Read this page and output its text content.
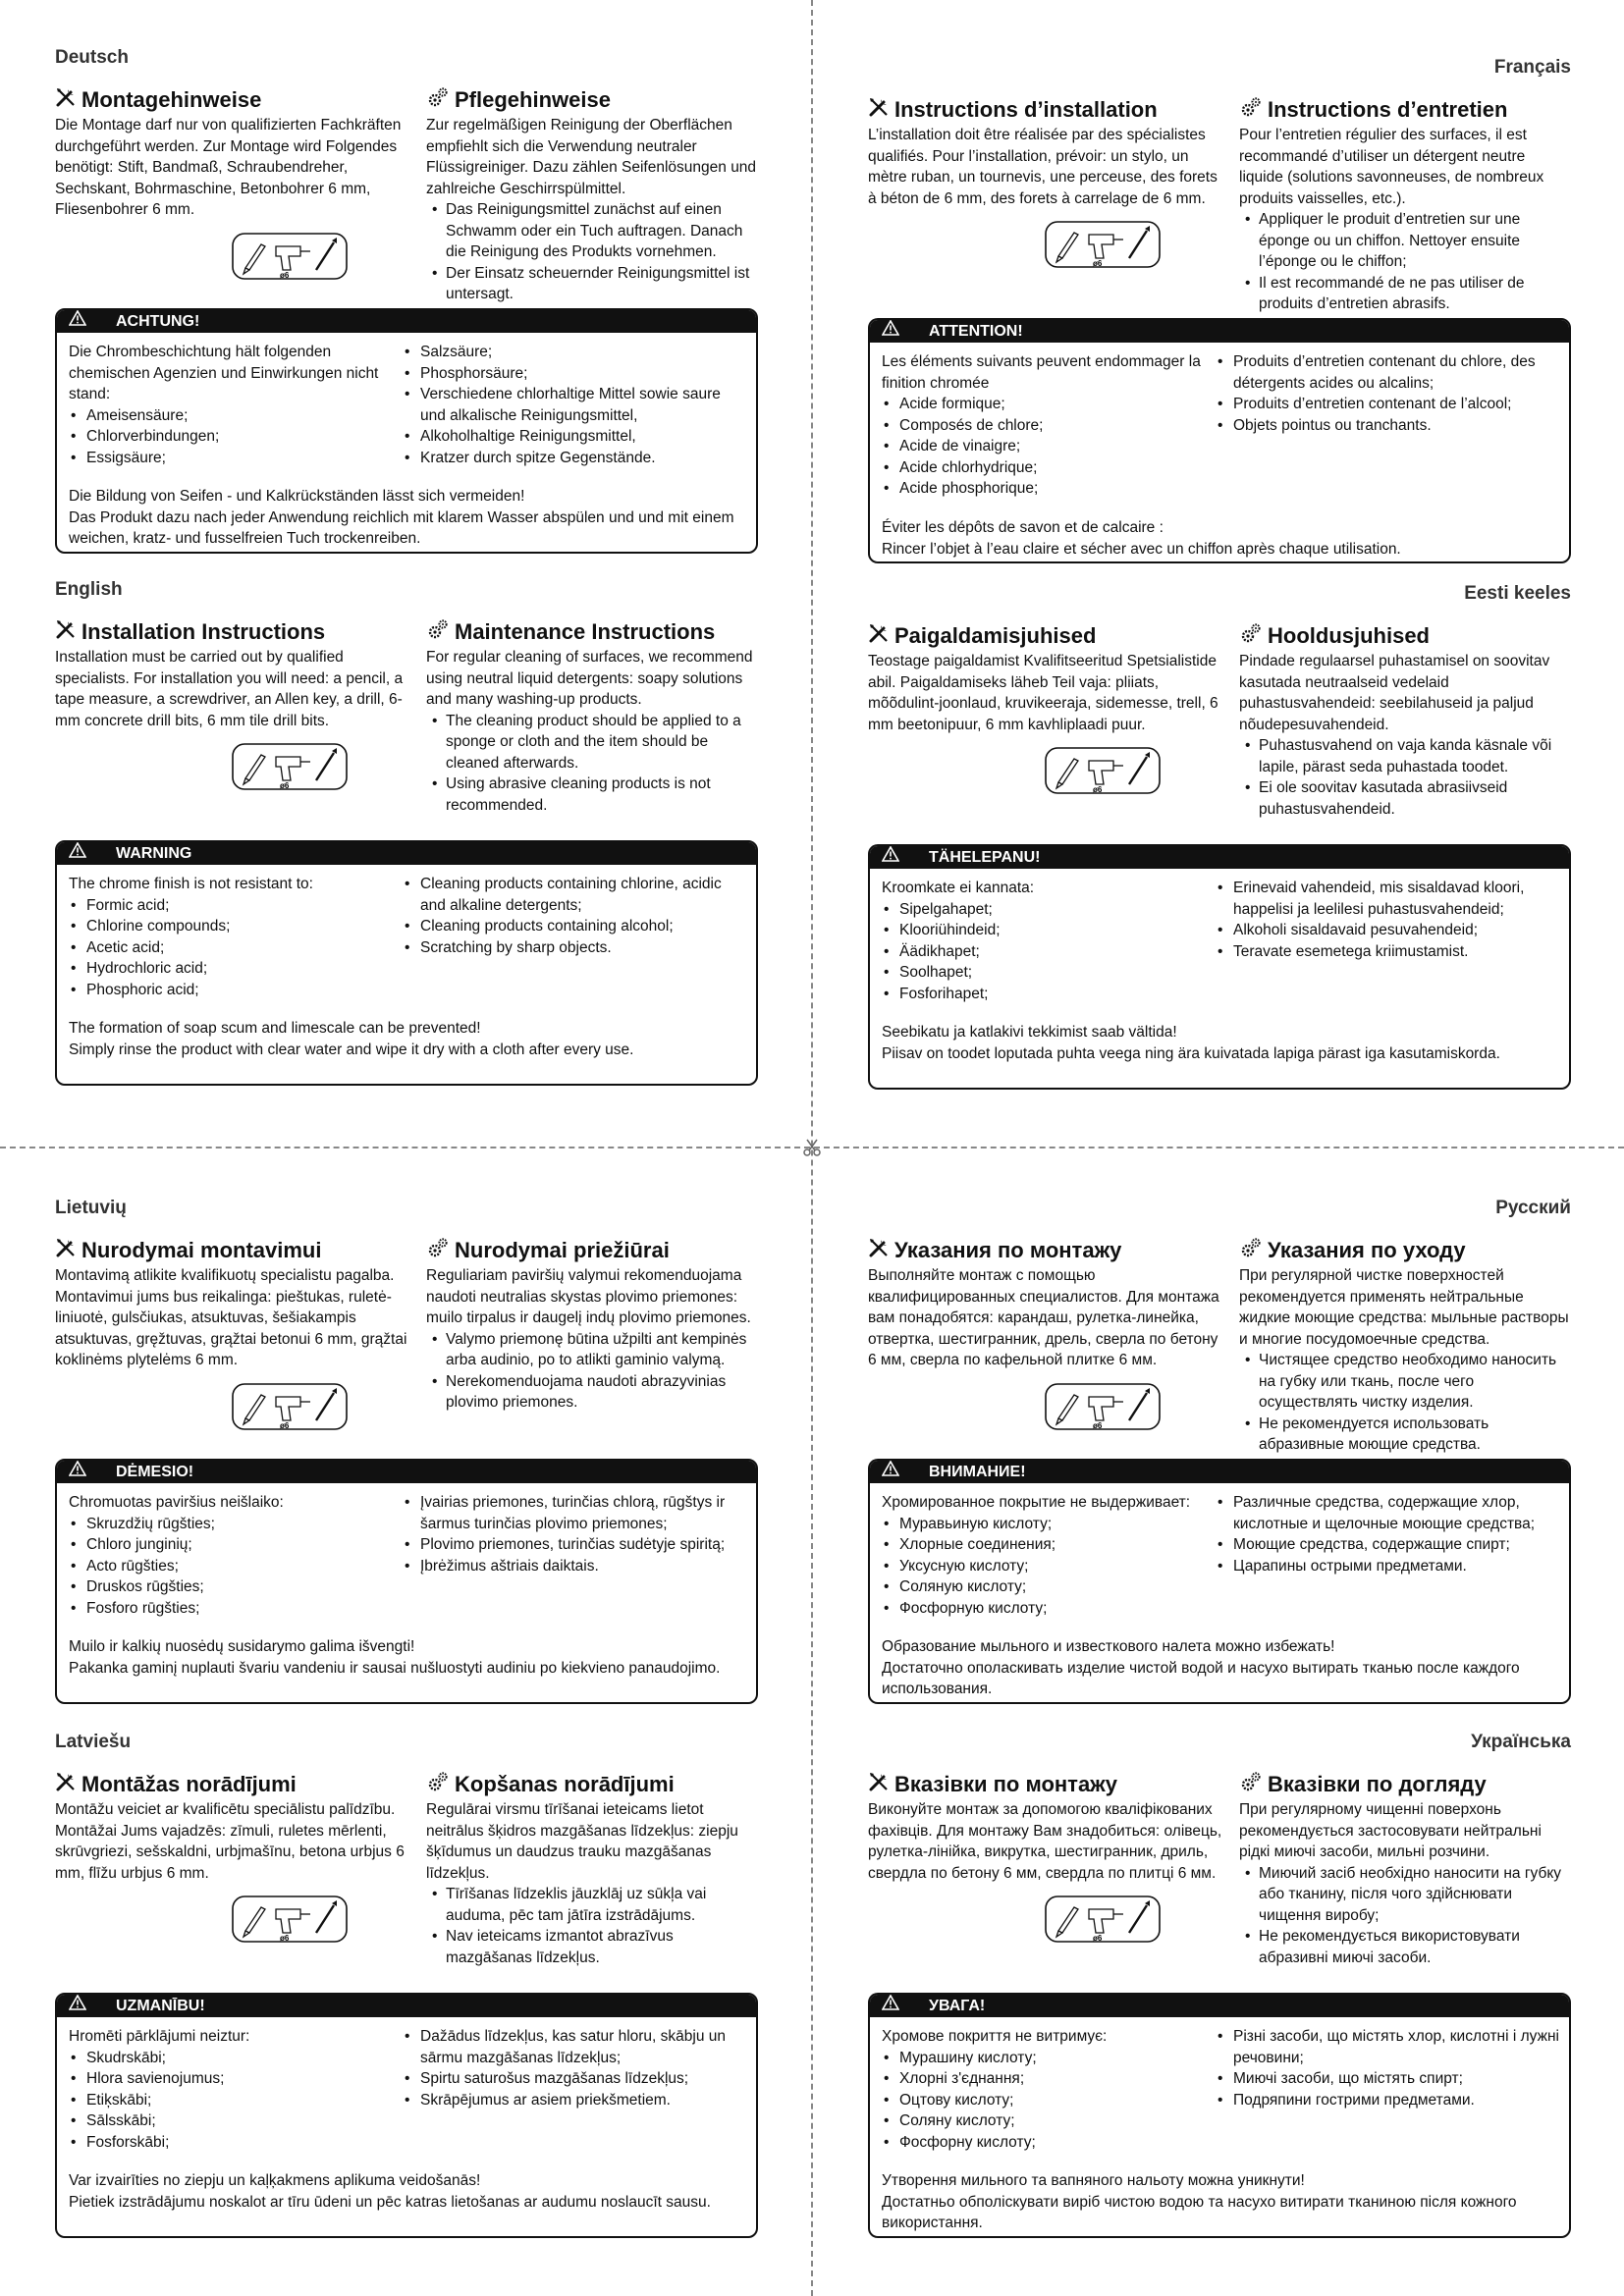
Deutsch
Montagehinweise

Die Montage darf nur von qualifizierten Fachkräften durchgeführt werden. Zur Montage wird Folgendes benötigt: Stift, Bandmaß, Schraubendreher, Sechskant, Bohrmaschine, Betonbohrer 6 mm, Fliesenbohrer 6 mm.

ø6
Pflegehinweise

Zur regelmäßigen Reinigung der Oberflächen empfiehlt sich die Verwendung neutraler Flüssigreiniger. Dazu zählen Seifenlösungen und zahlreiche Geschirrspülmittel.

• Das Reinigungsmittel zunächst auf einen Schwamm oder ein Tuch auftragen. Danach die Reinigung des Produkts vornehmen.
• Der Einsatz scheuernder Reinigungsmittel ist untersagt.
ACHTUNG!

Die Chrombeschichtung hält folgenden chemischen Agenzien und Einwirkungen nicht stand:

• Ameisensäure;
• Chlorverbindungen;
• Essigsäure;
• Salzsäure;
• Phosphorsäure;
• Verschiedene chlorhaltige Mittel sowie saure und alkalische Reinigungsmittel,
• Alkoholhaltige Reinigungsmittel,
• Kratzer durch spitze Gegenstände.

Die Bildung von Seifen - und Kalkrückständen lässt sich vermeiden!

Das Produkt dazu nach jeder Anwendung reichlich mit klarem Wasser abspülen und und mit einem weichen, kratz- und fusselfreien Tuch trockenreiben.

Français
Instructions d’installation

L’installation doit être réalisée par des spécialistes qualifiés. Pour l’installation, prévoir: un stylo, un mètre ruban, un tournevis, une perceuse, des forets à béton de 6 mm, des forets à carrelage de 6 mm.

ø6
Instructions d’entretien

Pour l’entretien régulier des surfaces, il est recommandé d’utiliser un détergent neutre liquide (solutions savonneuses, de nombreux produits vaisselles, etc.).

• Appliquer le produit d’entretien sur une éponge ou un chiffon. Nettoyer ensuite l’éponge ou le chiffon;
• Il est recommandé de ne pas utiliser de produits d’entretien abrasifs.
ATTENTION!

Les éléments suivants peuvent endommager la finition chromée

• Acide formique;
• Composés de chlore;
• Acide de vinaigre;
• Acide chlorhydrique;
• Acide phosphorique;
• Produits d’entretien contenant du chlore, des détergents acides ou alcalins;
• Produits d’entretien contenant de l’alcool;
• Objets pointus ou tranchants.

Éviter les dépôts de savon et de calcaire :

Rincer l’objet à l’eau claire et sécher avec un chiffon après chaque utilisation.

English
Installation Instructions

Installation must be carried out by qualified specialists. For installation you will need: a pencil, a tape measure, a screwdriver, an Allen key, a drill, 6-mm concrete drill bits, 6 mm tile drill bits.

ø6
Maintenance Instructions

For regular cleaning of surfaces, we recommend using neutral liquid detergents: soapy solutions and many washing-up products.

• The cleaning product should be applied to a sponge or cloth and the item should be cleaned afterwards.
• Using abrasive cleaning products is not recommended.
WARNING

The chrome finish is not resistant to:

• Formic acid;
• Chlorine compounds;
• Acetic acid;
• Hydrochloric acid;
• Phosphoric acid;
• Cleaning products containing chlorine, acidic and alkaline detergents;
• Cleaning products containing alcohol;
• Scratching by sharp objects.

The formation of soap scum and limescale can be prevented!

Simply rinse the product with clear water and wipe it dry with a cloth after every use.

Eesti keeles
Paigaldamisjuhised

Teostage paigaldamist Kvalifitseeritud Spetsialistide abil. Paigaldamiseks läheb Teil vaja: pliiats, mõõdulint-joonlaud, kruvikeeraja, sidemesse, trell, 6 mm beetonipuur, 6 mm kavhliplaadi puur.

ø6
Hooldusjuhised

Pindade regulaarsel puhastamisel on soovitav kasutada neutraalseid vedelaid puhastusvahendeid: seebilahuseid ja paljud nõudepesuvahendeid.

• Puhastusvahend on vaja kanda käsnale või lapile, pärast seda puhastada toodet.
• Ei ole soovitav kasutada abrasiivseid puhastusvahendeid.
TÄHELEPANU!

Kroomkate ei kannata:

• Sipelgahapet;
• Klooriühindeid;
• Äädikhapet;
• Soolhapet;
• Fosforihapet;
• Erinevaid vahendeid, mis sisaldavad kloori, happelisi ja leelilesi puhastusvahendeid;
• Alkoholi sisaldavaid pesuvahendeid;
• Teravate esemetega kriimustamist.

Seebikatu ja katlakivi tekkimist saab vältida!

Piisav on toodet loputada puhta veega ning ära kuivatada lapiga pärast iga kasutamiskorda.

Lietuvių
Nurodymai montavimui

Montavimą atlikite kvalifikuotų specialistu pagalba. Montavimui jums bus reikalinga: pieštukas, ruletė-liniuotė, gulsčiukas, atsuktuvas, šešiakampis atsuktuvas, gręžtuvas, grąžtai betonui 6 mm, grąžtai koklinėms plytelėms 6 mm.

ø6
Nurodymai priežiūrai

Reguliariam paviršių valymui rekomenduojama naudoti neutralias skystas plovimo priemones: muilo tirpalus ir daugelį indų plovimo priemones.

• Valymo priemonę būtina užpilti ant kempinės arba audinio, po to atlikti gaminio valymą.
• Nerekomenduojama naudoti abrazyvinias plovimo priemones.
DĖMESIO!

Chromuotas paviršius neišlaiko:

• Skruzdžių rūgšties;
• Chloro junginių;
• Acto rūgšties;
• Druskos rūgšties;
• Fosforo rūgšties;
• Įvairias priemones, turinčias chlorą, rūgštys ir šarmus turinčias plovimo priemones;
• Plovimo priemones, turinčias sudėtyje spiritą;
• Įbrėžimus aštriais daiktais.

Muilo ir kalkių nuosėdų susidarymo galima išvengti!

Pakanka gaminį nuplauti švariu vandeniu ir sausai nušluostyti audiniu po kiekvieno panaudojimo.

Русский
Указания по монтажу

Выполняйте монтаж с помощью квалифицированных специалистов. Для монтажа вам понадобятся: карандаш, рулетка-линейка, отвертка, шестигранник, дрель, сверла по бетону 6 мм, сверла по кафельной плитке 6 мм.

ø6
Указания по уходу

При регулярной чистке поверхностей рекомендуется применять нейтральные жидкие моющие средства: мыльные растворы и многие посудомоечные средства.

• Чистящее средство необходимо наносить на губку или ткань, после чего осуществлять чистку изделия.
• Не рекомендуется использовать абразивные моющие средства.
ВНИМАНИЕ!

Хромированное покрытие не выдерживает:

• Муравьиную кислоту;
• Хлорные соединения;
• Уксусную кислоту;
• Соляную кислоту;
• Фосфорную кислоту;
• Различные средства, содержащие хлор, кислотные и щелочные моющие средства;
• Моющие средства, содержащие спирт;
• Царапины острыми предметами.

Образование мыльного и известкового налета можно избежать!

Достаточно ополаскивать изделие чистой водой и насухо вытирать тканью после каждого использования.

Latviešu
Montāžas norādījumi

Montāžu veiciet ar kvalificētu speciālistu palīdzību. Montāžai Jums vajadzēs: zīmuli, ruletes mērlenti, skrūvgriezi, sešskaldni, urbjmašīnu, betona urbjus 6 mm, flīžu urbjus 6 mm.

ø6
Kopšanas norādījumi

Regulārai virsmu tīrīšanai ieteicams lietot neitrālus šķidros mazgāšanas līdzekļus: ziepju šķīdumus un daudzus trauku mazgāšanas līdzekļus.

• Tīrīšanas līdzeklis jāuzklāj uz sūkļa vai auduma, pēc tam jātīra izstrādājums.
• Nav ieteicams izmantot abrazīvus mazgāšanas līdzekļus.
UZMANĪBU!

Hromēti pārklājumi neiztur:

• Skudrskābi;
• Hlora savienojumus;
• Etiķskābi;
• Sālsskābi;
• Fosforskābi;
• Dažādus līdzekļus, kas satur hloru, skābju un sārmu mazgāšanas līdzekļus;
• Spirtu saturošus mazgāšanas līdzekļus;
• Skrāpējumus ar asiem priekšmetiem.

Var izvairīties no ziepju un kaļķakmens aplikuma veidošanās!

Pietiek izstrādājumu noskalot ar tīru ūdeni un pēc katras lietošanas ar audumu noslaucīt sausu.

Українська
Вказівки по монтажу

Виконуйте монтаж за допомогою кваліфікованих фахівців. Для монтажу Вам знадобиться: олівець, рулетка-лінійка, викрутка, шестигранник, дриль, свердла по бетону 6 мм, свердла по плитці 6 мм.

ø6
Вказівки по догляду

При регулярному чищенні поверхонь рекомендується застосовувати нейтральні рідкі миючі засоби, мильні розчини.

• Миючий засіб необхідно наносити на губку або тканину, після чого здійснювати чищення виробу;
• Не рекомендується використовувати абразивні миючі засоби.
УВАГА!

Хромове покриття не витримує:

• Мурашину кислоту;
• Хлорні з'єднання;
• Оцтову кислоту;
• Соляну кислоту;
• Фосфорну кислоту;
• Різні засоби, що містять хлор, кислотні і лужні речовини;
• Миючі засоби, що містять спирт;
• Подряпини гострими предметами.

Утворення мильного та вапняного нальоту можна уникнути!

Достатньо обполіскувати виріб чистою водою та насухо витирати тканиною після кожного використання.
